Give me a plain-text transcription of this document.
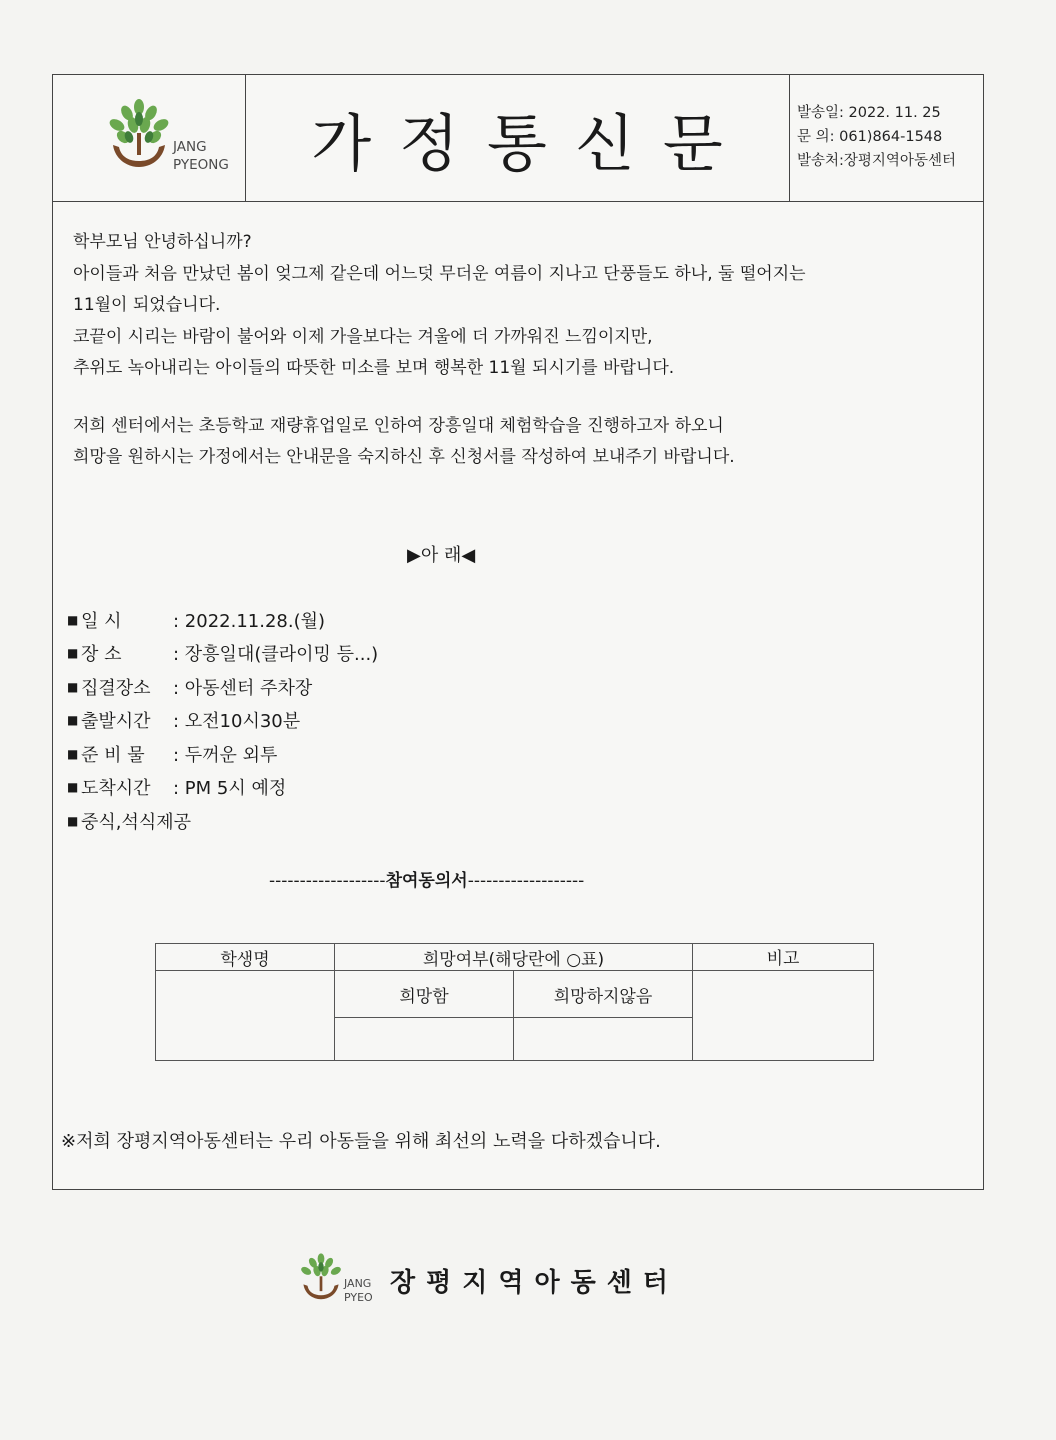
JANG
PYEONG	가정통신문	발송일: 2022. 11. 25
문 의: 061)864-1548
발송처:장평지역아동센터

학부모님 안녕하십니까?

아이들과 처음 만났던 봄이 엊그제 같은데 어느덧 무더운 여름이 지나고 단풍들도 하나, 둘 떨어지는

11월이 되었습니다.

코끝이 시리는 바람이 불어와 이제 가을보다는 겨울에 더 가까워진 느낌이지만,

추위도 녹아내리는 아이들의 따뜻한 미소를 보며 행복한 11월 되시기를 바랍니다.

저희 센터에서는 초등학교 재량휴업일로 인하여 장흥일대 체험학습을 진행하고자 하오니

희망을 원하시는 가정에서는 안내문을 숙지하신 후 신청서를 작성하여 보내주기 바랍니다.

▶아 래◀
■ 일 시	: 2022.11.28.(월)
■ 장 소	: 장흥일대(클라이밍 등...)
■ 집결장소	: 아동센터 주차장
■ 출발시간	: 오전10시30분
■ 준 비 물	: 두꺼운 외투
■ 도착시간	: PM 5시 예정
■ 중식,석식제공
-------------------참여동의서-------------------
학생명	희망여부(해당란에 ○표)		비고
	희망함	희망하지않음	

※저희 장평지역아동센터는 우리 아동들을 위해 최선의 노력을 다하겠습니다.
JANG
PYEO 장평지역아동센터
